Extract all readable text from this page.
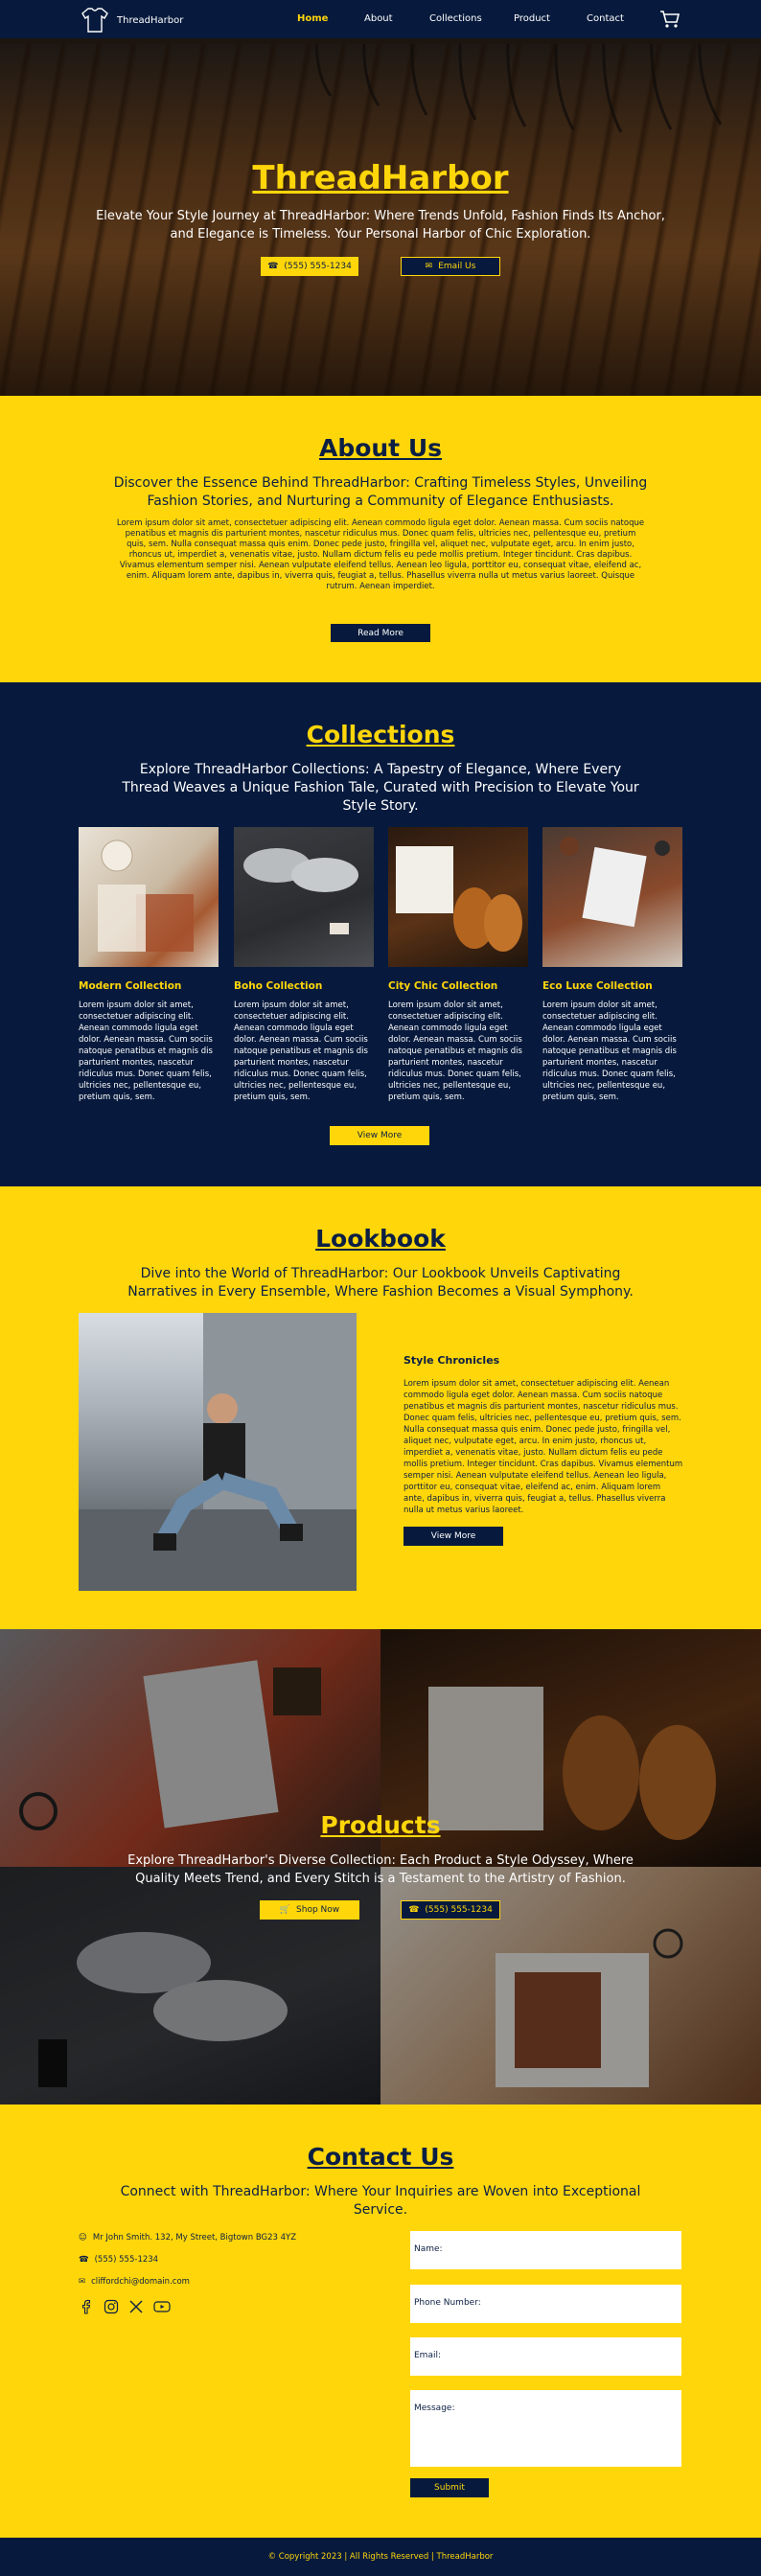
ThreadHarbor	Home	About	Collections	Product	Contact
ThreadHarbor
Elevate Your Style Journey at ThreadHarbor: Where Trends Unfold, Fashion Finds Its Anchor, and Elegance is Timeless. Your Personal Harbor of Chic Exploration.
☎ (555) 555-1234	✉ Email Us
About Us
Discover the Essence Behind ThreadHarbor: Crafting Timeless Styles, Unveiling Fashion Stories, and Nurturing a Community of Elegance Enthusiasts.
Lorem ipsum dolor sit amet, consectetuer adipiscing elit. Aenean commodo ligula eget dolor. Aenean massa. Cum sociis natoque penatibus et magnis dis parturient montes, nascetur ridiculus mus. Donec quam felis, ultricies nec, pellentesque eu, pretium quis, sem. Nulla consequat massa quis enim. Donec pede justo, fringilla vel, aliquet nec, vulputate eget, arcu. In enim justo, rhoncus ut, imperdiet a, venenatis vitae, justo. Nullam dictum felis eu pede mollis pretium. Integer tincidunt. Cras dapibus. Vivamus elementum semper nisi. Aenean vulputate eleifend tellus. Aenean leo ligula, porttitor eu, consequat vitae, eleifend ac, enim. Aliquam lorem ante, dapibus in, viverra quis, feugiat a, tellus. Phasellus viverra nulla ut metus varius laoreet. Quisque rutrum. Aenean imperdiet.
Read More
Collections
Explore ThreadHarbor Collections: A Tapestry of Elegance, Where Every Thread Weaves a Unique Fashion Tale, Curated with Precision to Elevate Your Style Story.
Modern Collection
Lorem ipsum dolor sit amet, consectetuer adipiscing elit. Aenean commodo ligula eget dolor. Aenean massa. Cum sociis natoque penatibus et magnis dis parturient montes, nascetur ridiculus mus. Donec quam felis, ultricies nec, pellentesque eu, pretium quis, sem.
Boho Collection
Lorem ipsum dolor sit amet, consectetuer adipiscing elit. Aenean commodo ligula eget dolor. Aenean massa. Cum sociis natoque penatibus et magnis dis parturient montes, nascetur ridiculus mus. Donec quam felis, ultricies nec, pellentesque eu, pretium quis, sem.
City Chic Collection
Lorem ipsum dolor sit amet, consectetuer adipiscing elit. Aenean commodo ligula eget dolor. Aenean massa. Cum sociis natoque penatibus et magnis dis parturient montes, nascetur ridiculus mus. Donec quam felis, ultricies nec, pellentesque eu, pretium quis, sem.
Eco Luxe Collection
Lorem ipsum dolor sit amet, consectetuer adipiscing elit. Aenean commodo ligula eget dolor. Aenean massa. Cum sociis natoque penatibus et magnis dis parturient montes, nascetur ridiculus mus. Donec quam felis, ultricies nec, pellentesque eu, pretium quis, sem.
View More
Lookbook
Dive into the World of ThreadHarbor: Our Lookbook Unveils Captivating Narratives in Every Ensemble, Where Fashion Becomes a Visual Symphony.
Style Chronicles
Lorem ipsum dolor sit amet, consectetuer adipiscing elit. Aenean commodo ligula eget dolor. Aenean massa. Cum sociis natoque penatibus et magnis dis parturient montes, nascetur ridiculus mus. Donec quam felis, ultricies nec, pellentesque eu, pretium quis, sem. Nulla consequat massa quis enim. Donec pede justo, fringilla vel, aliquet nec, vulputate eget, arcu. In enim justo, rhoncus ut, imperdiet a, venenatis vitae, justo. Nullam dictum felis eu pede mollis pretium. Integer tincidunt. Cras dapibus. Vivamus elementum semper nisi. Aenean vulputate eleifend tellus. Aenean leo ligula, porttitor eu, consequat vitae, eleifend ac, enim. Aliquam lorem ante, dapibus in, viverra quis, feugiat a, tellus. Phasellus viverra nulla ut metus varius laoreet.
View More
Products
Explore ThreadHarbor's Diverse Collection: Each Product a Style Odyssey, Where Quality Meets Trend, and Every Stitch is a Testament to the Artistry of Fashion.
🛒 Shop Now	☎ (555) 555-1234
Contact Us
Connect with ThreadHarbor: Where Your Inquiries are Woven into Exceptional Service.
☺ Mr John Smith. 132, My Street, Bigtown BG23 4YZ
☎ (555) 555-1234
✉ cliffordchi@domain.com
Name:
Phone Number:
Email:
Message:
Submit
© Copyright 2023 | All Rights Reserved | ThreadHarbor
